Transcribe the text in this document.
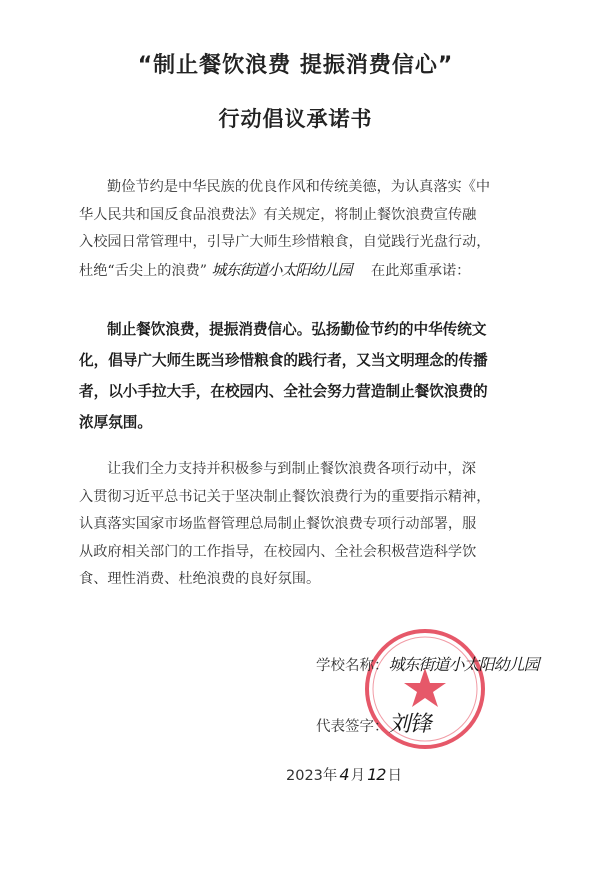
“制止餐饮浪费 提振消费信心”
行动倡议承诺书
勤俭节约是中华民族的优良作风和传统美德，为认真落实《中
华人民共和国反食品浪费法》有关规定，将制止餐饮浪费宣传融
入校园日常管理中，引导广大师生珍惜粮食，自觉践行光盘行动，
杜绝“舌尖上的浪费” 城东街道小太阳幼儿园 在此郑重承诺：
制止餐饮浪费，提振消费信心。弘扬勤俭节约的中华传统文
化，倡导广大师生既当珍惜粮食的践行者，又当文明理念的传播
者，以小手拉大手，在校园内、全社会努力营造制止餐饮浪费的
浓厚氛围。
让我们全力支持并积极参与到制止餐饮浪费各项行动中，深
入贯彻习近平总书记关于坚决制止餐饮浪费行为的重要指示精神，
认真落实国家市场监督管理总局制止餐饮浪费专项行动部署，服
从政府相关部门的工作指导，在校园内、全社会积极营造科学饮
食、理性消费、杜绝浪费的良好氛围。
学校名称：城东街道小太阳幼儿园
代表签字：刘锋
2023年 4 月 12 日
